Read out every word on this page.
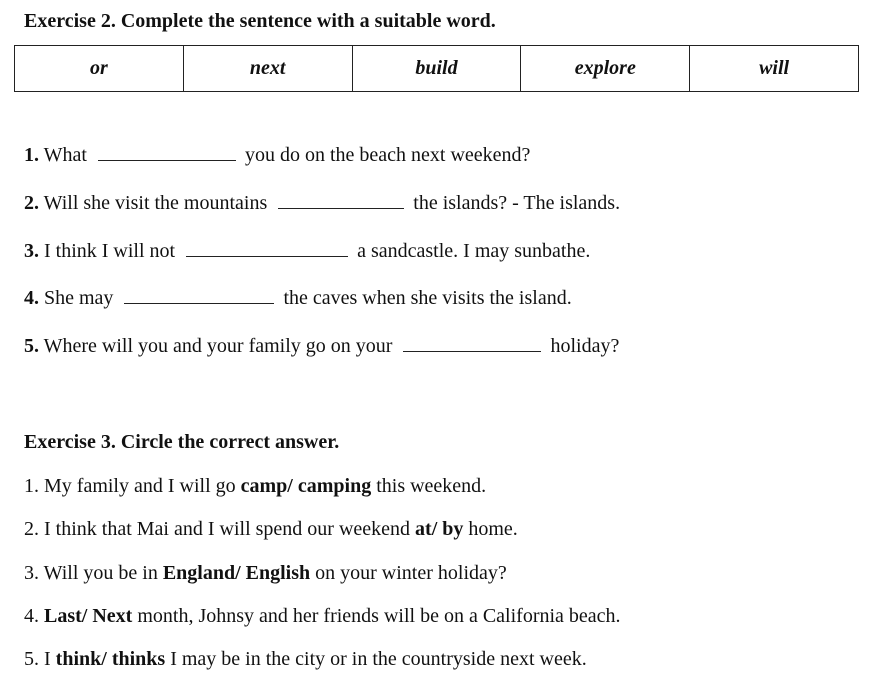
Exercise 2. Complete the sentence with a suitable word.
or	next	build	explore	will
1. What	you do on the beach next weekend?
2. Will she visit the mountains	the islands? - The islands.
3. I think I will not	a sandcastle. I may sunbathe.
4. She may	the caves when she visits the island.
5. Where will you and your family go on your	holiday?
Exercise 3. Circle the correct answer.
1. My family and I will go camp/ camping this weekend.
2. I think that Mai and I will spend our weekend at/ by home.
3. Will you be in England/ English on your winter holiday?
4. Last/ Next month, Johnsy and her friends will be on a California beach.
5. I think/ thinks I may be in the city or in the countryside next week.
